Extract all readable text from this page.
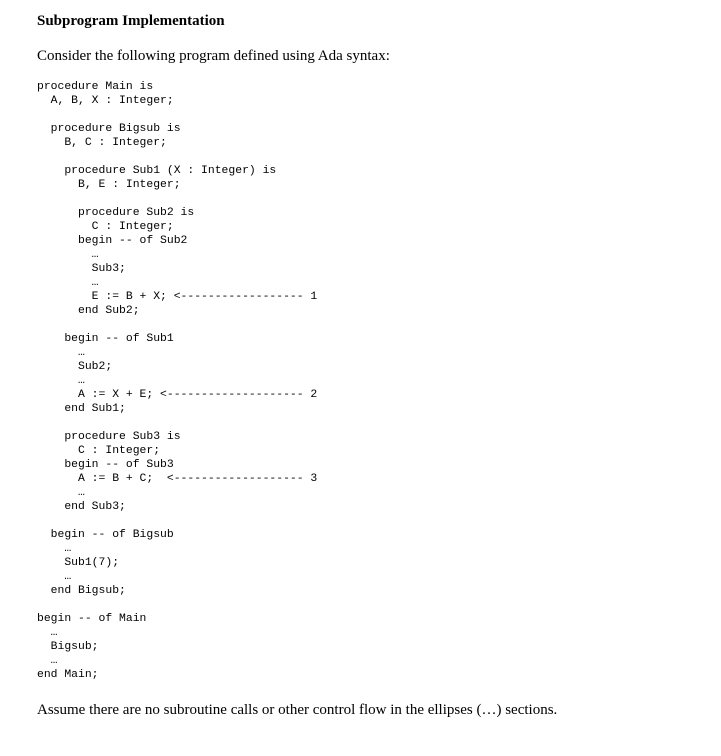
Subprogram Implementation
Consider the following program defined using Ada syntax:
procedure Main is
A, B, X : Integer;
procedure Bigsub is
B, C : Integer;
procedure Sub1 (X : Integer) is
B, E : Integer;
procedure Sub2 is
C : Integer;
begin -- of Sub2
…
Sub3;
…
E := B + X; <------------------ 1
end Sub2;
begin -- of Sub1
…
Sub2;
…
A := X + E; <-------------------- 2
end Sub1;
procedure Sub3 is
C : Integer;
begin -- of Sub3
A := B + C;  <------------------- 3
…
end Sub3;
begin -- of Bigsub
…
Sub1(7);
…
end Bigsub;
begin -- of Main
…
Bigsub;
…
end Main;
Assume there are no subroutine calls or other control flow in the ellipses (…) sections.
